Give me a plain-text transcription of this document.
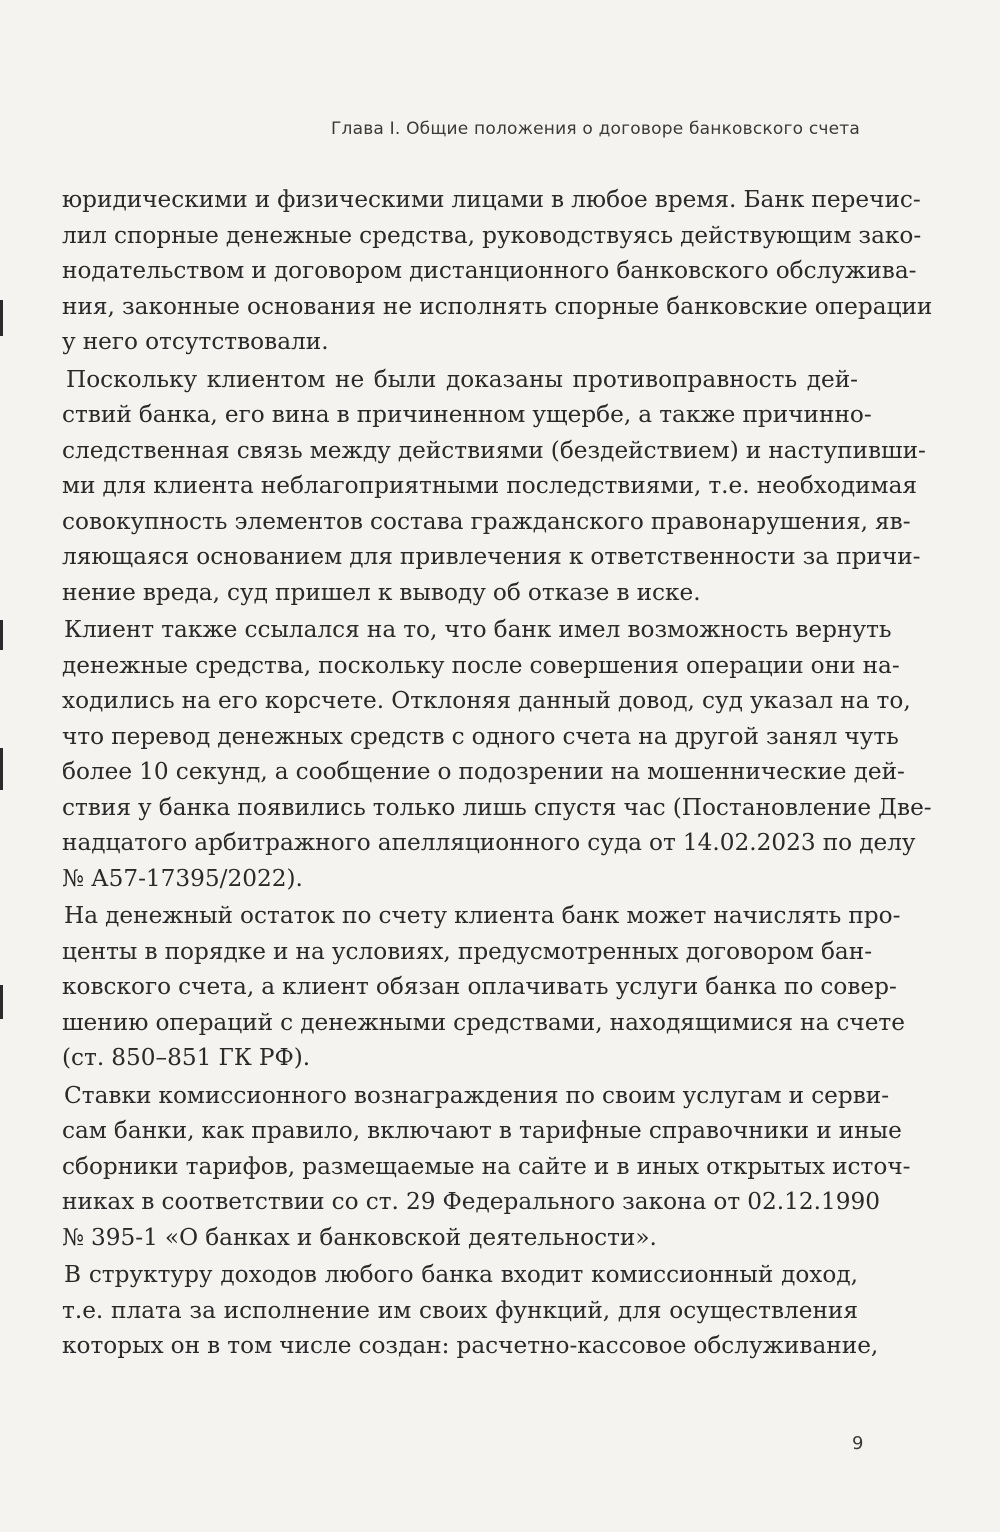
Глава I. Общие положения о договоре банковского счета

юридическими и физическими лицами в любое время. Банк перечис-
лил спорные денежные средства, руководствуясь действующим зако-
нодательством и договором дистанционного банковского обслужива-
ния, законные основания не исполнять спорные банковские операции
у него отсутствовали.

Поскольку клиентом не были доказаны противоправность дей-
ствий банка, его вина в причиненном ущербе, а также причинно-
следственная связь между действиями (бездействием) и наступивши-
ми для клиента неблагоприятными последствиями, т.е. необходимая
совокупность элементов состава гражданского правонарушения, яв-
ляющаяся основанием для привлечения к ответственности за причи-
нение вреда, суд пришел к выводу об отказе в иске.

Клиент также ссылался на то, что банк имел возможность вернуть
денежные средства, поскольку после совершения операции они на-
ходились на его корсчете. Отклоняя данный довод, суд указал на то,
что перевод денежных средств с одного счета на другой занял чуть
более 10 секунд, а сообщение о подозрении на мошеннические дей-
ствия у банка появились только лишь спустя час (Постановление Две-
надцатого арбитражного апелляционного суда от 14.02.2023 по делу
№ А57-17395/2022).

На денежный остаток по счету клиента банк может начислять про-
центы в порядке и на условиях, предусмотренных договором бан-
ковского счета, а клиент обязан оплачивать услуги банка по совер-
шению операций с денежными средствами, находящимися на счете
(ст. 850–851 ГК РФ).

Ставки комиссионного вознаграждения по своим услугам и серви-
сам банки, как правило, включают в тарифные справочники и иные
сборники тарифов, размещаемые на сайте и в иных открытых источ-
никах в соответствии со ст. 29 Федерального закона от 02.12.1990
№ 395-1 «О банках и банковской деятельности».

В структуру доходов любого банка входит комиссионный доход,
т.е. плата за исполнение им своих функций, для осуществления
которых он в том числе создан: расчетно-кассовое обслуживание,

9
